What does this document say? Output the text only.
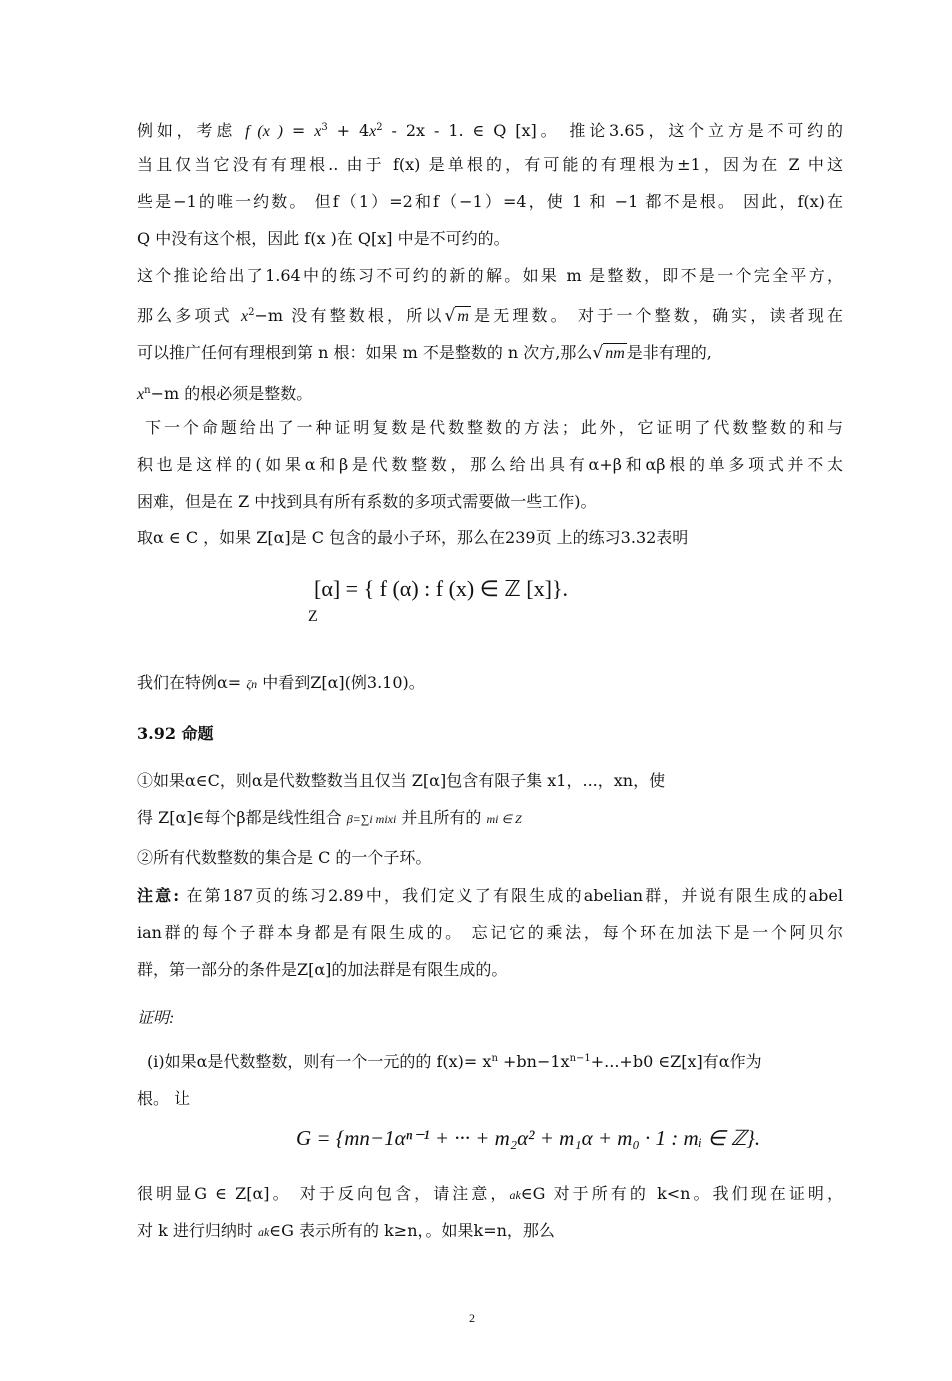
例如，考虑 f (x ) = $x^3 + 4x^2 - 2x - 1$. ∈ Q [x]。 推论3.65，这个立方是不可约的
当且仅当它没有有理根.. 由于 f(x) 是单根的，有可能的有理根为±1，因为在 Z 中这
些是−1的唯一约数。 但f（1）=2和f（−1）=4，使 1 和 −1 都不是根。 因此，f(x)在
Q 中没有这个根，因此 f(x )在 Q[x] 中是不可约的。
这个推论给出了1.64中的练习不可约的新的解。如果 m 是整数，即不是一个完全平方，
那么多项式 $x^2-m$ 没有整数根，所以√ m 是无理数。 对于一个整数，确实，读者现在
可以推广任何有理根到第 n 根：如果 m 不是整数的 n 次方,那么√ nm 是非有理的,
$x^n-m$ 的根必须是整数。
下一个命题给出了一种证明复数是代数整数的方法；此外，它证明了代数整数的和与
积也是这样的(如果α和β是代数整数，那么给出具有α+β和αβ根的单多项式并不太
困难，但是在 Z 中找到具有所有系数的多项式需要做一些工作)。
取α ∈ C ，如果 Z[α]是 C 包含的最小子环，那么在239页 上的练习3.32表明
[α] = { f (α) : f (x) ∈ ℤ [x]}.
Z
我们在特例α= ζn 中看到Z[α](例3.10)。
3.92 命题
①如果α∈C，则α是代数整数当且仅当 Z[α]包含有限子集 x1，...，xn，使
得 Z[α]∈每个β都是线性组合 β=∑i mixi 并且所有的 mi ∈ Z
②所有代数整数的集合是 C 的一个子环。
注意: 在第187页的练习2.89中，我们定义了有限生成的abelian群，并说有限生成的abel
ian群的每个子群本身都是有限生成的。 忘记它的乘法，每个环在加法下是一个阿贝尔
群，第一部分的条件是Z[α]的加法群是有限生成的。
证明:
(i)如果α是代数整数，则有一个一元的的 $f(x)= x^n +bn-1x^{n-1}+...+b0$ ∈Z[x]有α作为
根。 让
G = {mn−1αⁿ⁻¹ + ··· + m₂α² + m₁α + m₀ · 1 : mᵢ ∈ ℤ}.
很明显G ∈ Z[α]。 对于反向包含，请注意，ak∈G 对于所有的 k<n。我们现在证明，
对 k 进行归纳时 ak∈G 表示所有的 k≥n，。如果k=n，那么
2
